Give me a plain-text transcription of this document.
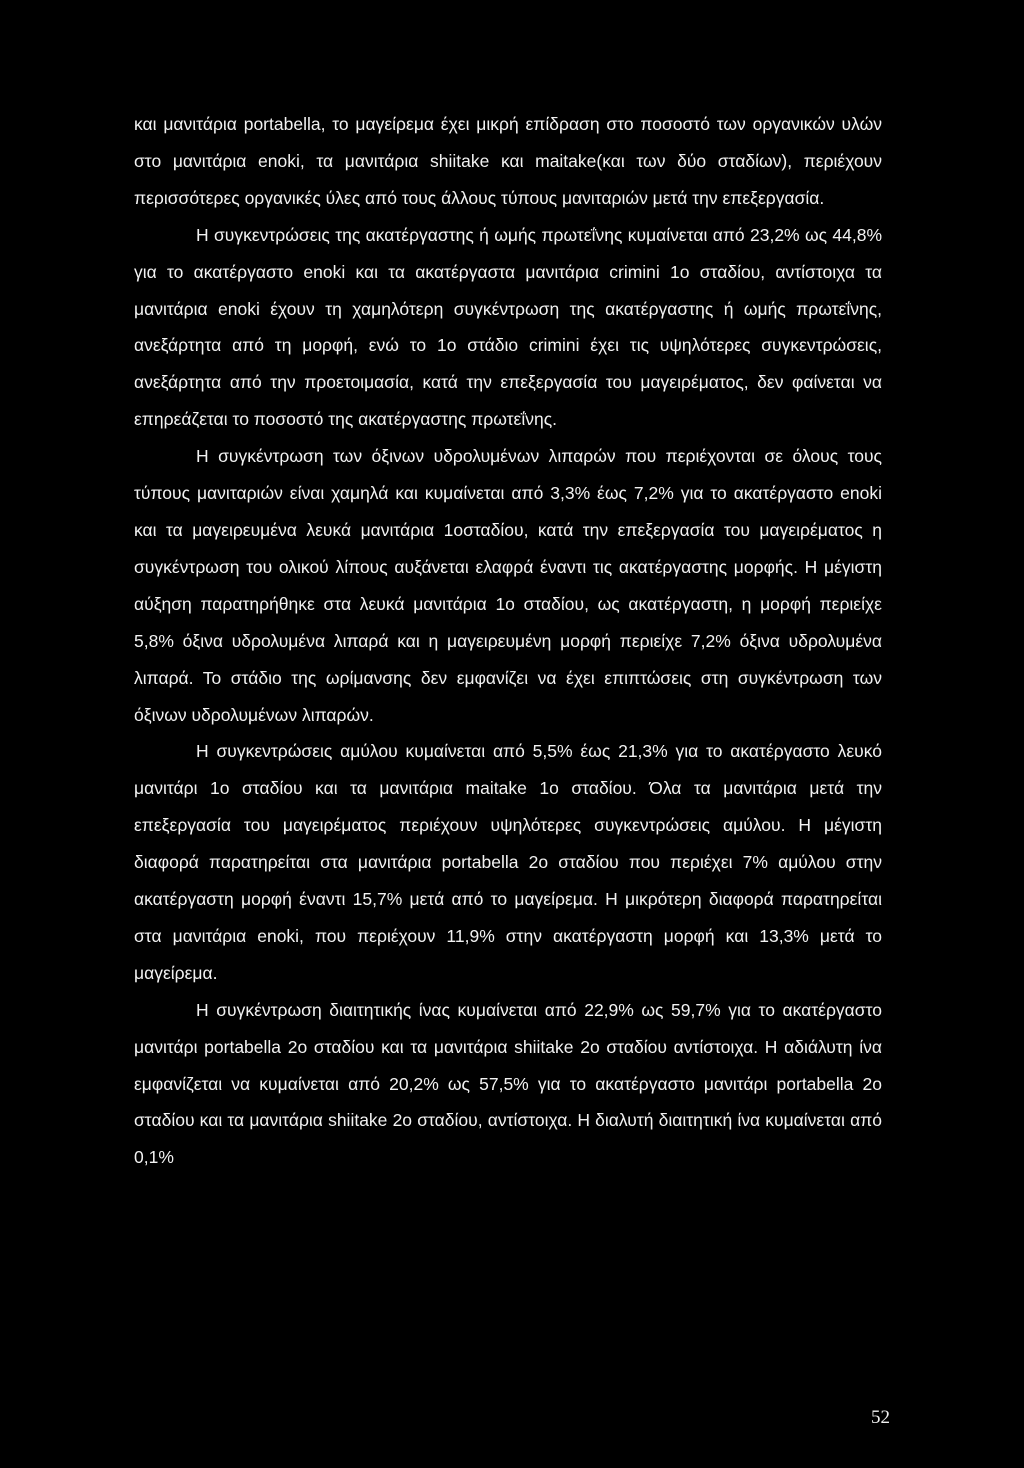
και μανιτάρια portabella, το μαγείρεμα έχει μικρή επίδραση στο ποσοστό των οργανικών υλών στο μανιτάρια enoki, τα μανιτάρια shiitake και maitake(και των δύο σταδίων), περιέχουν περισσότερες οργανικές ύλες από τους άλλους τύπους μανιταριών μετά την επεξεργασία.

Η συγκεντρώσεις της ακατέργαστης ή ωμής πρωτεΐνης κυμαίνεται από 23,2% ως 44,8% για το ακατέργαστο enoki και τα ακατέργαστα μανιτάρια crimini 1ο σταδίου, αντίστοιχα τα μανιτάρια enoki έχουν τη χαμηλότερη συγκέντρωση της ακατέργαστης ή ωμής πρωτεΐνης, ανεξάρτητα από τη μορφή, ενώ το 1ο στάδιο crimini έχει τις υψηλότερες συγκεντρώσεις, ανεξάρτητα από την προετοιμασία, κατά την επεξεργασία του μαγειρέματος, δεν φαίνεται να επηρεάζεται το ποσοστό της ακατέργαστης πρωτεΐνης.

Η συγκέντρωση των όξινων υδρολυμένων λιπαρών που περιέχονται σε όλους τους τύπους μανιταριών είναι χαμηλά και κυμαίνεται από 3,3% έως 7,2% για το ακατέργαστο enoki και τα μαγειρευμένα λευκά μανιτάρια 1οσταδίου, κατά την επεξεργασία του μαγειρέματος η συγκέντρωση του ολικού λίπους αυξάνεται ελαφρά έναντι τις ακατέργαστης μορφής. Η μέγιστη αύξηση παρατηρήθηκε στα λευκά μανιτάρια 1ο σταδίου, ως ακατέργαστη, η μορφή περιείχε 5,8% όξινα υδρολυμένα λιπαρά και η μαγειρευμένη μορφή περιείχε 7,2% όξινα υδρολυμένα λιπαρά. Το στάδιο της ωρίμανσης δεν εμφανίζει να έχει επιπτώσεις στη συγκέντρωση των όξινων υδρολυμένων λιπαρών.

Η συγκεντρώσεις αμύλου κυμαίνεται από 5,5% έως 21,3% για το ακατέργαστο λευκό μανιτάρι 1ο σταδίου και τα μανιτάρια maitake 1ο σταδίου. Όλα τα μανιτάρια μετά την επεξεργασία του μαγειρέματος περιέχουν υψηλότερες συγκεντρώσεις αμύλου. Η μέγιστη διαφορά παρατηρείται στα μανιτάρια portabella 2ο σταδίου που περιέχει 7% αμύλου στην ακατέργαστη μορφή έναντι 15,7% μετά από το μαγείρεμα. Η μικρότερη διαφορά παρατηρείται στα μανιτάρια enoki, που περιέχουν 11,9% στην ακατέργαστη μορφή και 13,3% μετά το μαγείρεμα.

Η συγκέντρωση διαιτητικής ίνας κυμαίνεται από 22,9% ως 59,7% για το ακατέργαστο μανιτάρι portabella 2ο σταδίου και τα μανιτάρια shiitake 2ο σταδίου αντίστοιχα. Η αδιάλυτη ίνα εμφανίζεται να κυμαίνεται από 20,2% ως 57,5% για το ακατέργαστο μανιτάρι portabella 2ο σταδίου και τα μανιτάρια shiitake 2ο σταδίου, αντίστοιχα. Η διαλυτή διαιτητική ίνα κυμαίνεται από 0,1%

52
